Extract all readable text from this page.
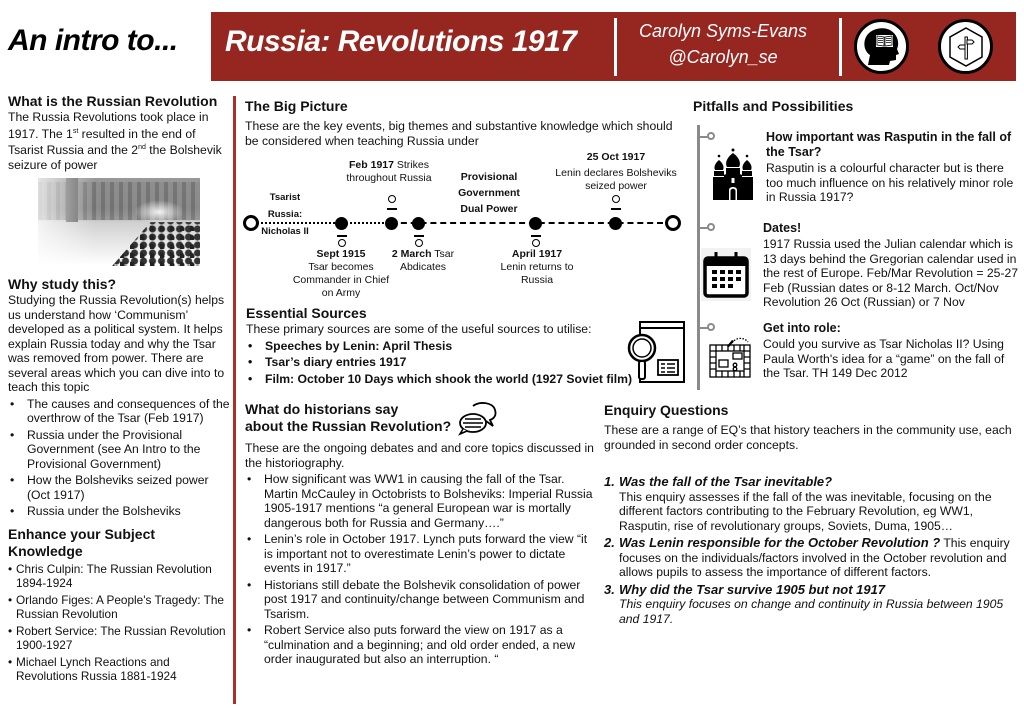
An intro to... Russia: Revolutions 1917	Carolyn Syms-Evans
@Carolyn_se
What is the Russian Revolution

The Russia Revolutions took place in 1917. The 1st resulted in the end of Tsarist Russia and the 2nd the Bolshevik seizure of power

Why study this?

Studying the Russia Revolution(s) helps us understand how ‘Communism’ developed as a political system. It helps explain Russia today and why the Tsar was removed from power. There are several areas which you can dive into to teach this topic

• The causes and consequences of the overthrow of the Tsar (Feb 1917)
• Russia under the Provisional Government (see An Intro to the Provisional Government)
• How the Bolsheviks seized power (Oct 1917)
• Russia under the Bolsheviks
Enhance your Subject Knowledge
• Chris Culpin: The Russian Revolution 1894-1924
• Orlando Figes: A People's Tragedy: The Russian Revolution
• Robert Service: The Russian Revolution 1900-1927
• Michael Lynch Reactions and Revolutions Russia 1881-1924
The Big Picture

These are the key events, big themes and substantive knowledge which should be considered when teaching Russia under

Tsarist Russia:
Nicholas II
Feb 1917 Strikes throughout Russia	Provisional
Government
Dual Power
25 Oct 1917
Lenin declares Bolsheviks seized power
Sept 1915
Tsar becomes Commander in Chief on Army
2 March Tsar Abdicates
April 1917
Lenin returns to Russia
Essential Sources

These primary sources are some of the useful sources to utilise:

• Speeches by Lenin: April Thesis
• Tsar’s diary entries 1917
• Film: October 10 Days which shook the world (1927 Soviet film)
What do historians say
about the Russian Revolution?

These are the ongoing debates and and core topics discussed in the historiography.

• How significant was WW1 in causing the fall of the Tsar. Martin McCauley in Octobrists to Bolsheviks: Imperial Russia 1905-1917 mentions “a general European war is mortally dangerous both for Russia and Germany….”
• Lenin’s role in October 1917. Lynch puts forward the view “it is important not to overestimate Lenin’s power to dictate events in 1917.”
• Historians still debate the Bolshevik consolidation of power post 1917 and continuity/change between Communism and Tsarism.
• Robert Service also puts forward the view on 1917 as a “culmination and a beginning; and old order ended, a new order inaugurated but also an interruption. “
Pitfalls and Possibilities
How important was Rasputin in the fall of the Tsar?

Rasputin is a colourful character but is there too much influence on his relatively minor role in Russia 1917?

Dates!

1917 Russia used the Julian calendar which is 13 days behind the Gregorian calendar used in the rest of Europe. Feb/Mar Revolution = 25-27 Feb (Russian dates or 8-12 March. Oct/Nov Revolution 26 Oct (Russian) or 7 Nov

Get into role:

Could you survive as Tsar Nicholas II? Using Paula Worth's idea for a “game” on the fall of the Tsar. TH 149 Dec 2012

Enquiry Questions

These are a range of EQ’s that history teachers in the community use, each grounded in second order concepts.

1. Was the fall of the Tsar inevitable?
This enquiry assesses if the fall of the was inevitable, focusing on the different factors contributing to the February Revolution, eg WW1, Rasputin, rise of revolutionary groups, Soviets, Duma, 1905…
2. Was Lenin responsible for the October Revolution ? This enquiry focuses on the individuals/factors involved in the October revolution and allows pupils to assess the importance of different factors.
3. Why did the Tsar survive 1905 but not 1917
This enquiry focuses on change and continuity in Russia between 1905 and 1917.
